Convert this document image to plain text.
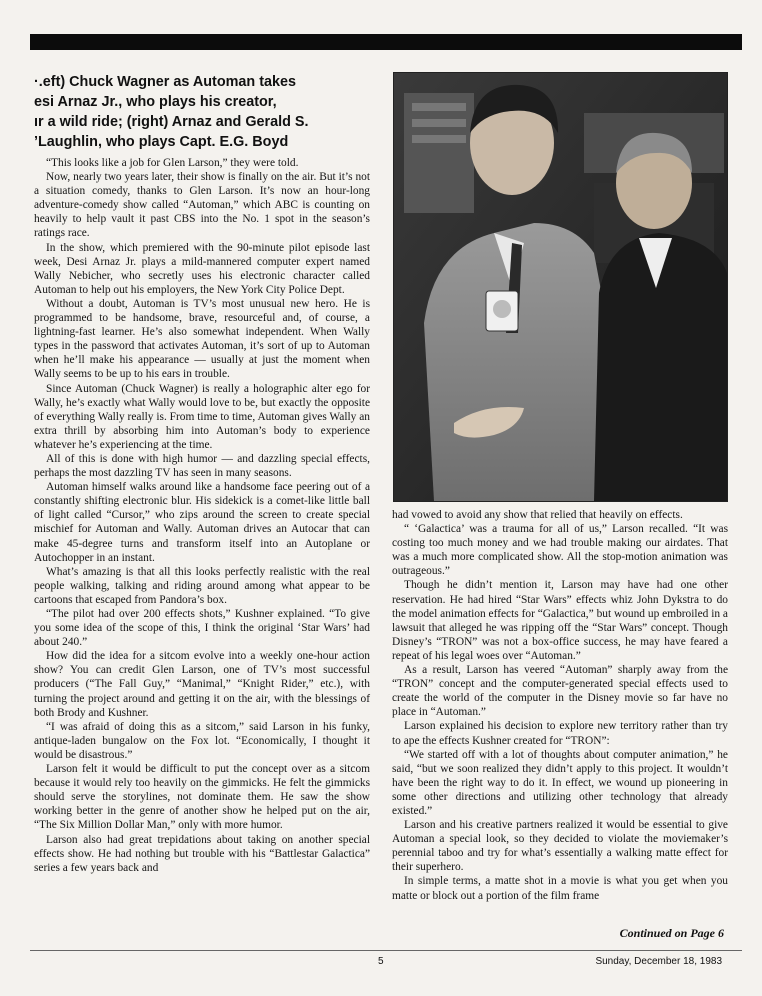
·.eft) Chuck Wagner as Automan takes
esi Arnaz Jr., who plays his creator,
ır a wild ride; (right) Arnaz and Gerald S.
’Laughlin, who plays Capt. E.G. Boyd

“This looks like a job for Glen Larson,” they were told.

Now, nearly two years later, their show is finally on the air. But it’s not a situation comedy, thanks to Glen Larson. It’s now an hour-long adventure-comedy show called “Automan,” which ABC is counting on heavily to help vault it past CBS into the No. 1 spot in the season’s ratings race.

In the show, which premiered with the 90-minute pilot episode last week, Desi Arnaz Jr. plays a mild-mannered computer expert named Wally Nebicher, who secretly uses his electronic character called Automan to help out his employers, the New York City Police Dept.

Without a doubt, Automan is TV’s most unusual new hero. He is programmed to be handsome, brave, resourceful and, of course, a lightning-fast learner. He’s also somewhat independent. When Wally types in the password that activates Automan, it’s sort of up to Automan when he’ll make his appearance — usually at just the moment when Wally seems to be up to his ears in trouble.

Since Automan (Chuck Wagner) is really a holographic alter ego for Wally, he’s exactly what Wally would love to be, but exactly the opposite of everything Wally really is. From time to time, Automan gives Wally an extra thrill by absorbing him into Automan’s body to experience whatever he’s experiencing at the time.

All of this is done with high humor — and dazzling special effects, perhaps the most dazzling TV has seen in many seasons.

Automan himself walks around like a handsome face peering out of a constantly shifting electronic blur. His sidekick is a comet-like little ball of light called “Cursor,” who zips around the screen to create special mischief for Automan and Wally. Automan drives an Autocar that can make 45-degree turns and transform itself into an Autoplane or Autochopper in an instant.

What’s amazing is that all this looks perfectly realistic with the real people walking, talking and riding around among what appear to be cartoons that escaped from Pandora’s box.

“The pilot had over 200 effects shots,” Kushner explained. “To give you some idea of the scope of this, I think the original ‘Star Wars’ had about 240.”

How did the idea for a sitcom evolve into a weekly one-hour action show? You can credit Glen Larson, one of TV’s most successful producers (“The Fall Guy,” “Manimal,” “Knight Rider,” etc.), with turning the project around and getting it on the air, with the blessings of both Brody and Kushner.

“I was afraid of doing this as a sitcom,” said Larson in his funky, antique-laden bungalow on the Fox lot. “Economically, I thought it would be disastrous.”

Larson felt it would be difficult to put the concept over as a sitcom because it would rely too heavily on the gimmicks. He felt the gimmicks should serve the storylines, not dominate them. He saw the show working better in the genre of another show he helped put on the air, “The Six Million Dollar Man,” only with more humor.

Larson also had great trepidations about taking on another special effects show. He had nothing but trouble with his “Battlestar Galactica” series a few years back and

had vowed to avoid any show that relied that heavily on effects.

“ ‘Galactica’ was a trauma for all of us,” Larson recalled. “It was costing too much money and we had trouble making our airdates. That was a much more complicated show. All the stop-motion animation was outrageous.”

Though he didn’t mention it, Larson may have had one other reservation. He had hired “Star Wars” effects whiz John Dykstra to do the model animation effects for “Galactica,” but wound up embroiled in a lawsuit that alleged he was ripping off the “Star Wars” concept. Though Disney’s “TRON” was not a box-office success, he may have feared a repeat of his legal woes over “Automan.”

As a result, Larson has veered “Automan” sharply away from the “TRON” concept and the computer-generated special effects used to create the world of the computer in the Disney movie so far have no place in “Automan.”

Larson explained his decision to explore new territory rather than try to ape the effects Kushner created for “TRON”:

“We started off with a lot of thoughts about computer animation,” he said, “but we soon realized they didn’t apply to this project. It wouldn’t have been the right way to do it. In effect, we wound up pioneering in some other directions and utilizing other technology that already existed.”

Larson and his creative partners realized it would be essential to give Automan a special look, so they decided to violate the moviemaker’s perennial taboo and try for what’s essentially a walking matte effect for their superhero.

In simple terms, a matte shot in a movie is what you get when you matte or block out a portion of the film frame

Continued on Page 6
5	Sunday, December 18, 1983
